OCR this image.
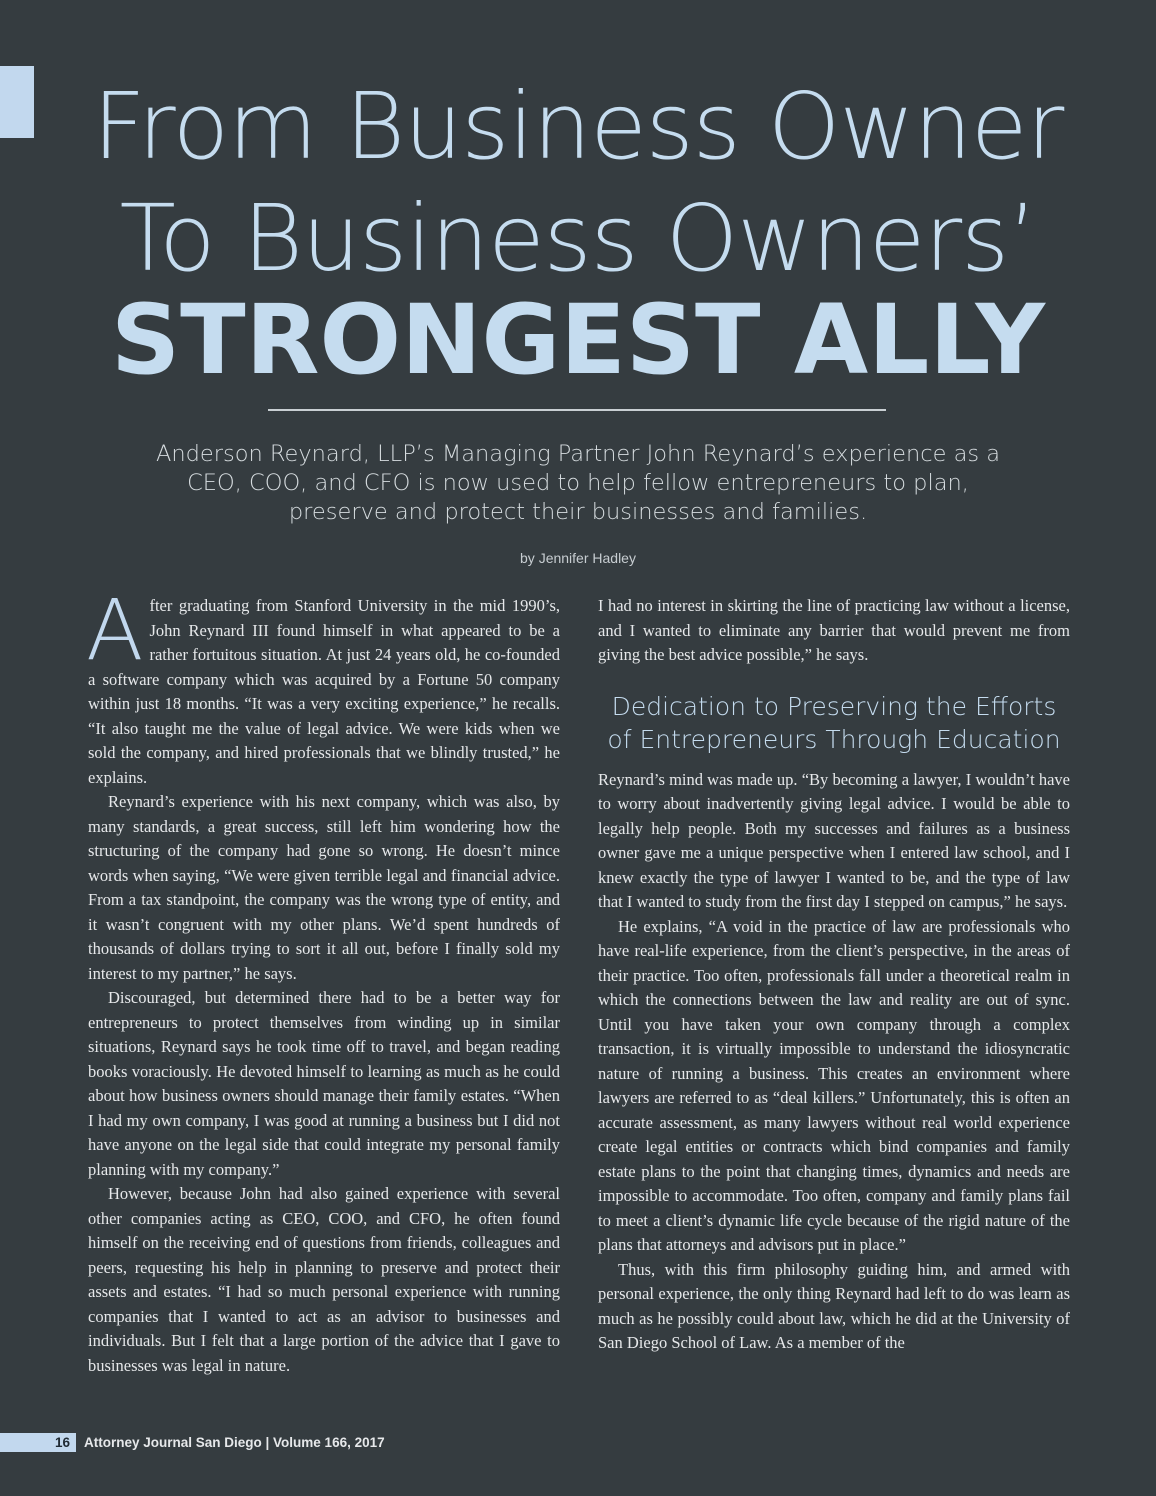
From Business Owner
To Business Owners’
STRONGEST ALLY
Anderson Reynard, LLP’s Managing Partner John Reynard’s experience as a CEO, COO, and CFO is now used to help fellow entrepreneurs to plan, preserve and protect their businesses and families.
by Jennifer Hadley

After graduating from Stanford University in the mid 1990’s, John Reynard III found himself in what appeared to be a rather fortuitous situation. At just 24 years old, he co-founded a software company which was acquired by a Fortune 50 company within just 18 months. “It was a very exciting experience,” he recalls. “It also taught me the value of legal advice. We were kids when we sold the company, and hired professionals that we blindly trusted,” he explains.

Reynard’s experience with his next company, which was also, by many standards, a great success, still left him wondering how the structuring of the company had gone so wrong. He doesn’t mince words when saying, “We were given terrible legal and financial advice. From a tax standpoint, the company was the wrong type of entity, and it wasn’t congruent with my other plans. We’d spent hundreds of thousands of dollars trying to sort it all out, before I finally sold my interest to my partner,” he says.

Discouraged, but determined there had to be a better way for entrepreneurs to protect themselves from winding up in similar situations, Reynard says he took time off to travel, and began reading books voraciously. He devoted himself to learning as much as he could about how business owners should manage their family estates. “When I had my own company, I was good at running a business but I did not have anyone on the legal side that could integrate my personal family planning with my company.”

However, because John had also gained experience with several other companies acting as CEO, COO, and CFO, he often found himself on the receiving end of questions from friends, colleagues and peers, requesting his help in planning to preserve and protect their assets and estates. “I had so much personal experience with running companies that I wanted to act as an advisor to businesses and individuals. But I felt that a large portion of the advice that I gave to businesses was legal in nature.

I had no interest in skirting the line of practicing law without a license, and I wanted to eliminate any barrier that would prevent me from giving the best advice possible,” he says.

Dedication to Preserving the Efforts of Entrepreneurs Through Education

Reynard’s mind was made up. “By becoming a lawyer, I wouldn’t have to worry about inadvertently giving legal advice. I would be able to legally help people. Both my successes and failures as a business owner gave me a unique perspective when I entered law school, and I knew exactly the type of lawyer I wanted to be, and the type of law that I wanted to study from the first day I stepped on campus,” he says.

He explains, “A void in the practice of law are professionals who have real-life experience, from the client’s perspective, in the areas of their practice. Too often, professionals fall under a theoretical realm in which the connections between the law and reality are out of sync. Until you have taken your own company through a complex transaction, it is virtually impossible to understand the idiosyncratic nature of running a business. This creates an environment where lawyers are referred to as “deal killers.” Unfortunately, this is often an accurate assessment, as many lawyers without real world experience create legal entities or contracts which bind companies and family estate plans to the point that changing times, dynamics and needs are impossible to accommodate. Too often, company and family plans fail to meet a client’s dynamic life cycle because of the rigid nature of the plans that attorneys and advisors put in place.”

Thus, with this firm philosophy guiding him, and armed with personal experience, the only thing Reynard had left to do was learn as much as he possibly could about law, which he did at the University of San Diego School of Law. As a member of the

16	Attorney Journal San Diego | Volume 166, 2017
